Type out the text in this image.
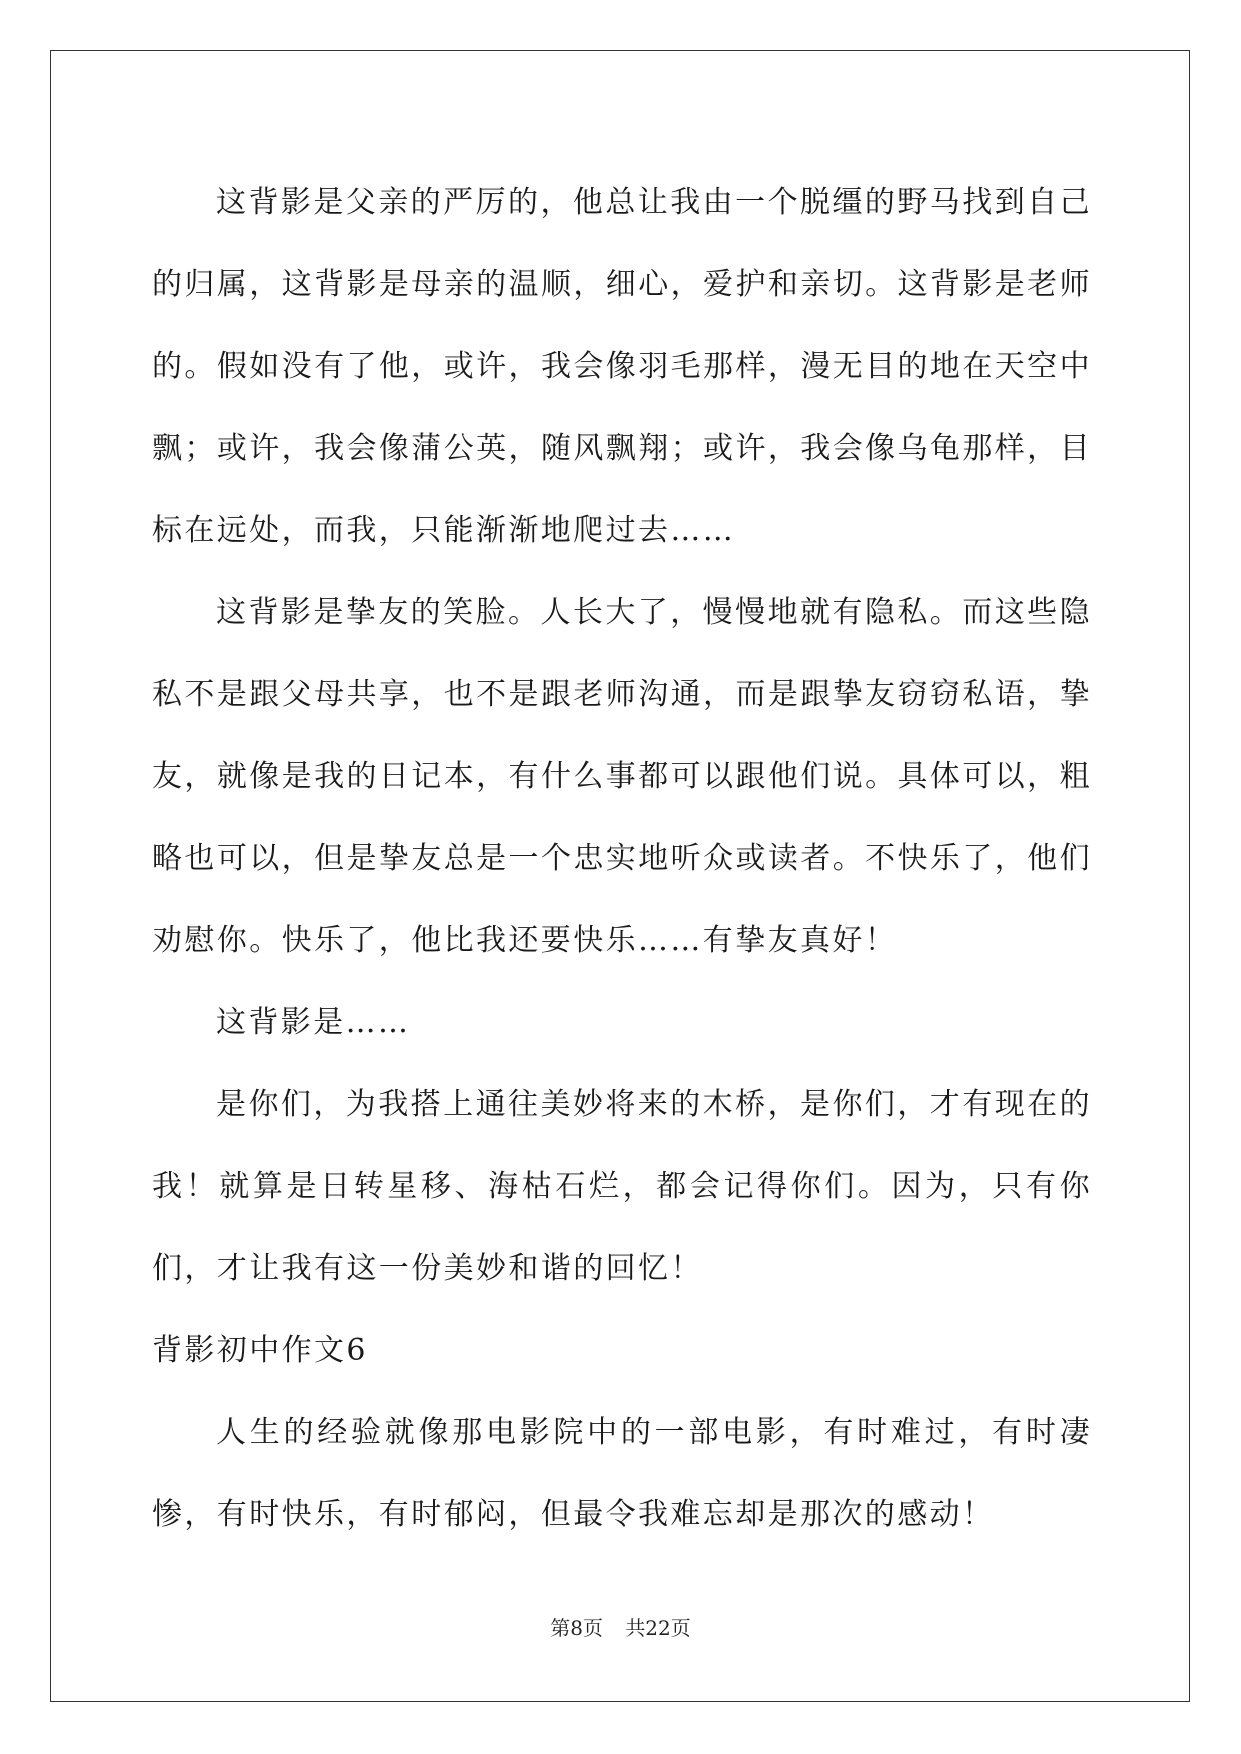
这背影是父亲的严厉的，他总让我由一个脱缰的野马找到自己的归属，这背影是母亲的温顺，细心，爱护和亲切。这背影是老师的。假如没有了他，或许，我会像羽毛那样，漫无目的地在天空中飘；或许，我会像蒲公英，随风飘翔；或许，我会像乌龟那样，目标在远处，而我，只能渐渐地爬过去……

这背影是挚友的笑脸。人长大了，慢慢地就有隐私。而这些隐私不是跟父母共享，也不是跟老师沟通，而是跟挚友窃窃私语，挚友，就像是我的日记本，有什么事都可以跟他们说。具体可以，粗略也可以，但是挚友总是一个忠实地听众或读者。不快乐了，他们劝慰你。快乐了，他比我还要快乐……有挚友真好！

这背影是……

是你们，为我搭上通往美妙将来的木桥，是你们，才有现在的我！就算是日转星移、海枯石烂，都会记得你们。因为，只有你们，才让我有这一份美妙和谐的回忆！

背影初中作文6

人生的经验就像那电影院中的一部电影，有时难过，有时凄惨，有时快乐，有时郁闷，但最令我难忘却是那次的感动！

第8页 共22页
